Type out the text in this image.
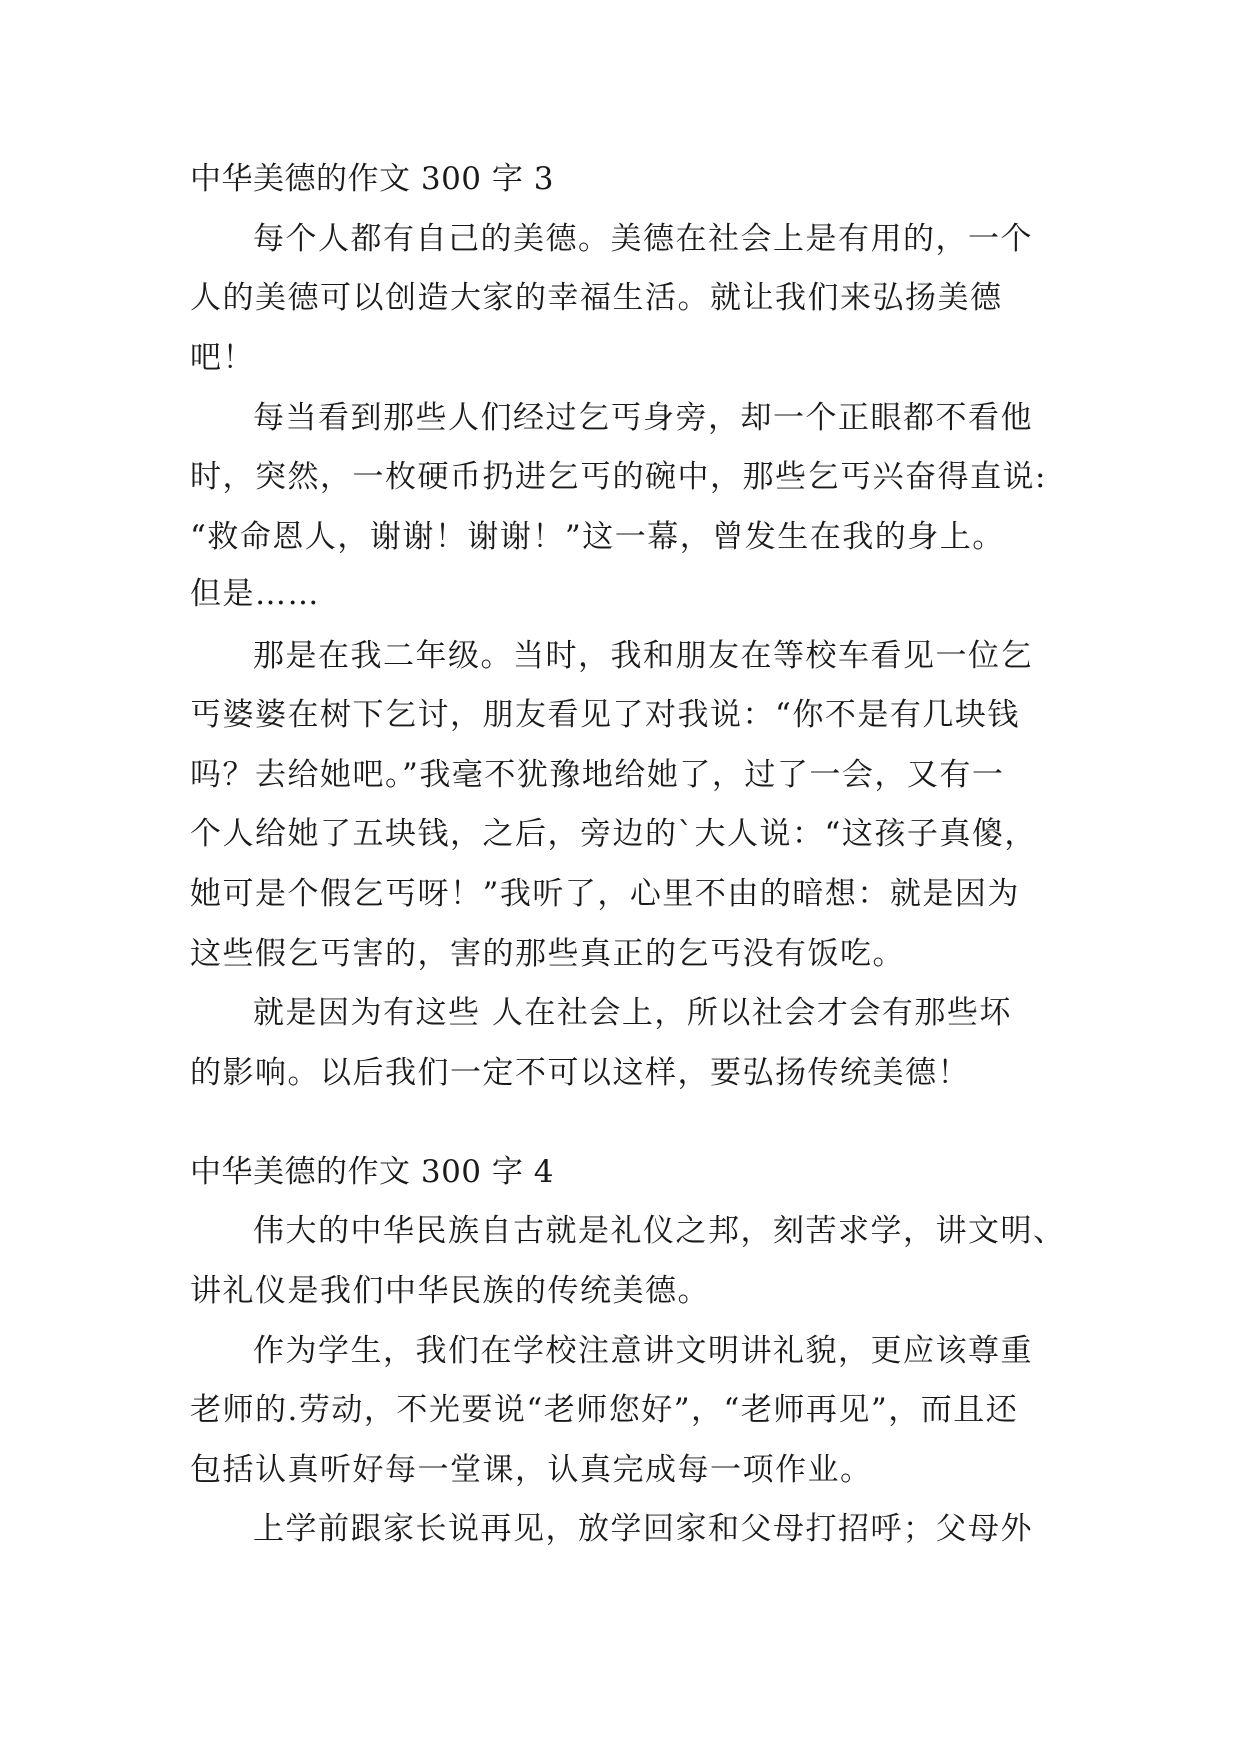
中华美德的作文 300 字 3
每个人都有自己的美德。美德在社会上是有用的，一个
人的美德可以创造大家的幸福生活。就让我们来弘扬美德
吧！
每当看到那些人们经过乞丐身旁，却一个正眼都不看他
时，突然，一枚硬币扔进乞丐的碗中，那些乞丐兴奋得直说:
“救命恩人，谢谢！谢谢！”这一幕，曾发生在我的身上。
但是……
那是在我二年级。当时，我和朋友在等校车看见一位乞
丐婆婆在树下乞讨，朋友看见了对我说：“你不是有几块钱
吗？去给她吧。”我毫不犹豫地给她了，过了一会，又有一
个人给她了五块钱，之后，旁边的`大人说：“这孩子真傻，
她可是个假乞丐呀！”我听了，心里不由的暗想：就是因为
这些假乞丐害的，害的那些真正的乞丐没有饭吃。
就是因为有这些 人在社会上，所以社会才会有那些坏
的影响。以后我们一定不可以这样，要弘扬传统美德！
中华美德的作文 300 字 4
伟大的中华民族自古就是礼仪之邦，刻苦求学，讲文明、
讲礼仪是我们中华民族的传统美德。
作为学生，我们在学校注意讲文明讲礼貌，更应该尊重
老师的.劳动，不光要说“老师您好”，“老师再见”，而且还
包括认真听好每一堂课，认真完成每一项作业。
上学前跟家长说再见，放学回家和父母打招呼；父母外
